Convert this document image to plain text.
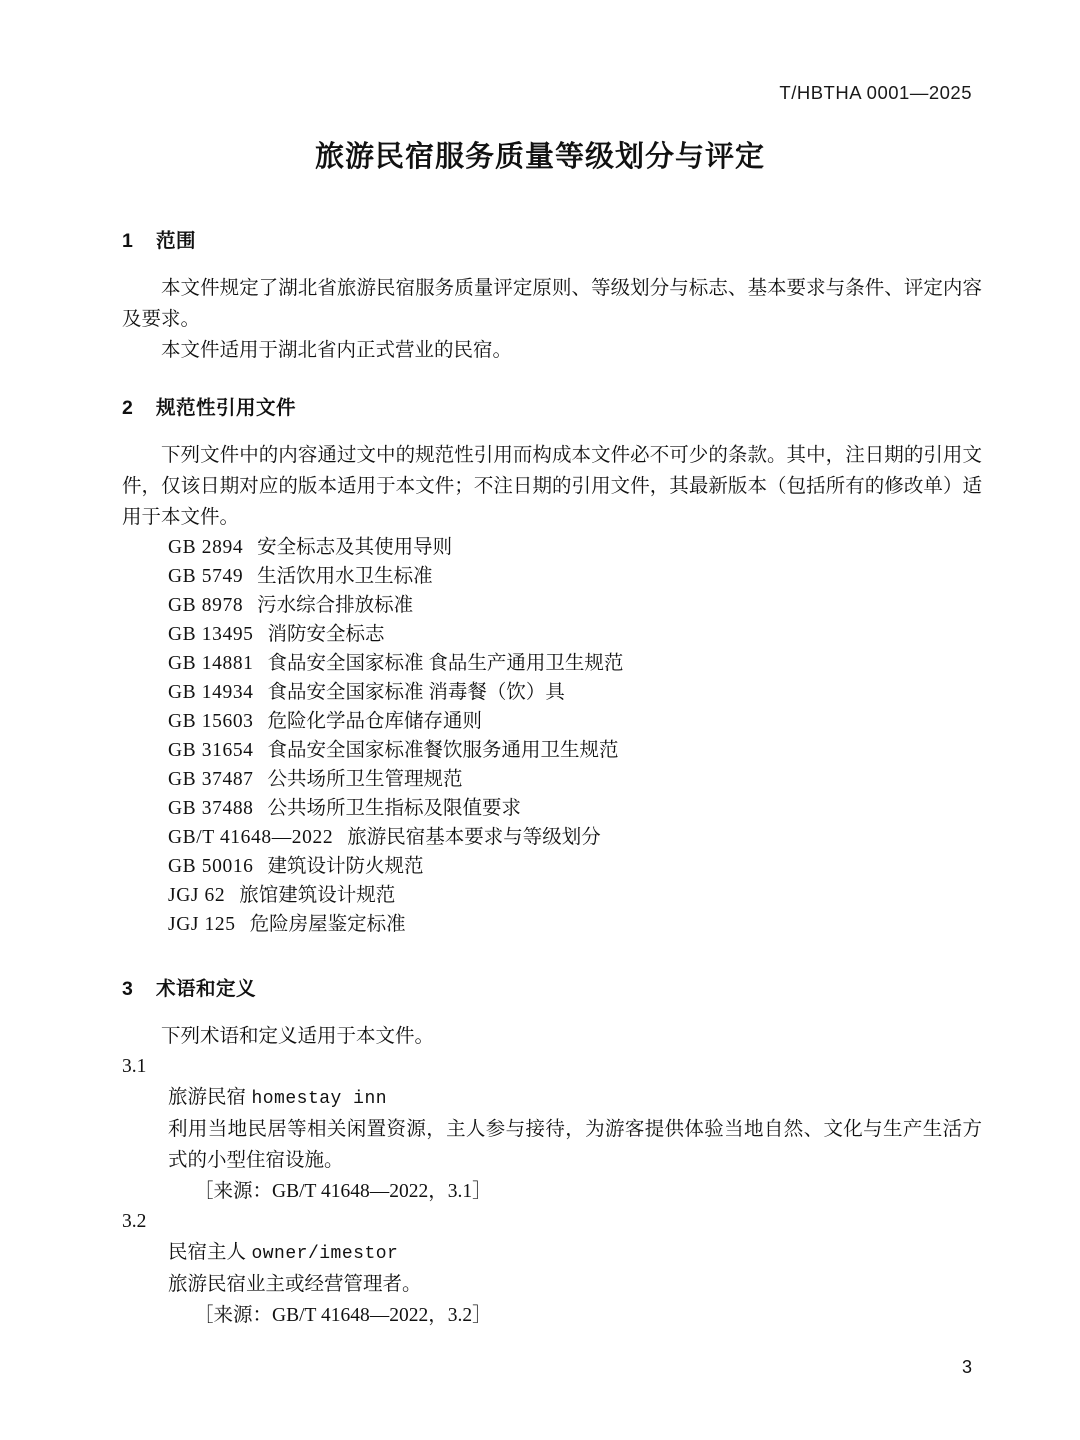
T/HBTHA 0001—2025
旅游民宿服务质量等级划分与评定
1 范围

本文件规定了湖北省旅游民宿服务质量评定原则、等级划分与标志、基本要求与条件、评定内容及要求。

本文件适用于湖北省内正式营业的民宿。

2 规范性引用文件

下列文件中的内容通过文中的规范性引用而构成本文件必不可少的条款。其中，注日期的引用文件，仅该日期对应的版本适用于本文件；不注日期的引用文件，其最新版本（包括所有的修改单）适用于本文件。

GB 2894 安全标志及其使用导则
GB 5749 生活饮用水卫生标准
GB 8978 污水综合排放标准
GB 13495 消防安全标志
GB 14881 食品安全国家标准 食品生产通用卫生规范
GB 14934 食品安全国家标准 消毒餐（饮）具
GB 15603 危险化学品仓库储存通则
GB 31654 食品安全国家标准餐饮服务通用卫生规范
GB 37487 公共场所卫生管理规范
GB 37488 公共场所卫生指标及限值要求
GB/T 41648—2022 旅游民宿基本要求与等级划分
GB 50016 建筑设计防火规范
JGJ 62 旅馆建筑设计规范
JGJ 125 危险房屋鉴定标准
3 术语和定义

下列术语和定义适用于本文件。

3.1
旅游民宿 homestay inn
利用当地民居等相关闲置资源，主人参与接待，为游客提供体验当地自然、文化与生产生活方式的小型住宿设施。
［来源：GB/T 41648—2022，3.1］
3.2
民宿主人 owner/imestor
旅游民宿业主或经营管理者。
［来源：GB/T 41648—2022，3.2］
3
